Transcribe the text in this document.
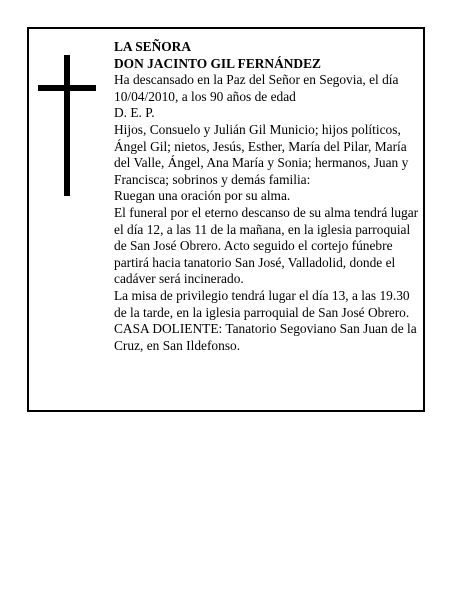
LA SEÑORA

DON JACINTO GIL FERNÁNDEZ

Ha descansado en la Paz del Señor en Segovia, el día 10/04/2010, a los 90 años de edad

D. E. P.

Hijos, Consuelo y Julián Gil Municio; hijos políticos, Ángel Gil; nietos, Jesús, Esther, María del Pilar, María del Valle, Ángel, Ana María y Sonia; hermanos, Juan y Francisca; sobrinos y demás familia:

Ruegan una oración por su alma.

El funeral por el eterno descanso de su alma tendrá lugar el día 12, a las 11 de la mañana, en la iglesia parroquial de San José Obrero. Acto seguido el cortejo fúnebre partirá hacia tanatorio San José, Valladolid, donde el cadáver será incinerado.

La misa de privilegio tendrá lugar el día 13, a las 19.30 de la tarde, en la iglesia parroquial de San José Obrero.

CASA DOLIENTE: Tanatorio Segoviano San Juan de la Cruz, en San Ildefonso.
